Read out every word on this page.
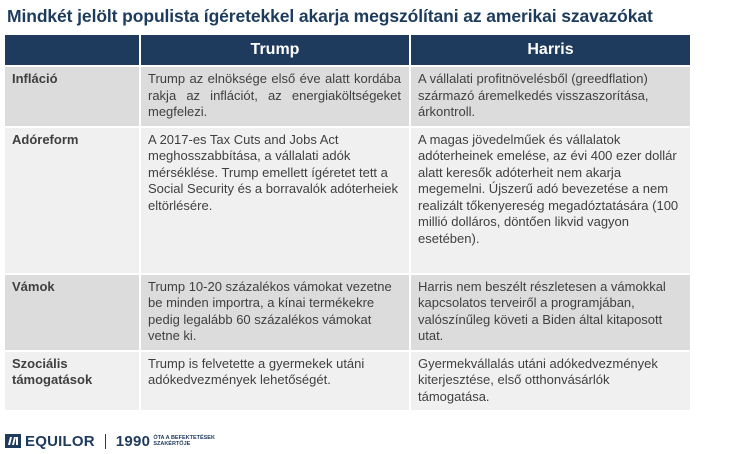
Mindkét jelölt populista ígéretekkel akarja megszólítani az amerikai szavazókat
	Trump	Harris
Infláció	Trump az elnöksége első éve alatt kordába rakja az inflációt, az energiaköltségeket megfelezi.	A vállalati profitnövelésből (greedflation) származó áremelkedés visszaszorítása, árkontroll.
Adóreform	A 2017-es Tax Cuts and Jobs Act meghosszabbítása, a vállalati adók mérséklése. Trump emellett ígéretet tett a Social Security és a borravalók adóterheiek eltörlésére.	A magas jövedelműek és vállalatok adóterheinek emelése, az évi 400 ezer dollár alatt keresők adóterheit nem akarja megemelni. Újszerű adó bevezetése a nem realizált tőkenyereség megadóztatására (100 millió dolláros, döntően likvid vagyon esetében).
Vámok	Trump 10-20 százalékos vámokat vezetne be minden importra, a kínai termékekre pedig legalább 60 százalékos vámokat vetne ki.	Harris nem beszélt részletesen a vámokkal kapcsolatos terveiről a programjában, valószínűleg követi a Biden által kitaposott utat.
Szociális támogatások	Trump is felvetette a gyermekek utáni adókedvezmények lehetőségét.	Gyermekvállalás utáni adókedvezmények kiterjesztése, első otthonvásárlók támogatása.
EQUILOR 1990 ÓTA A BEFEKTETÉSEK
SZAKÉRTŐJE
